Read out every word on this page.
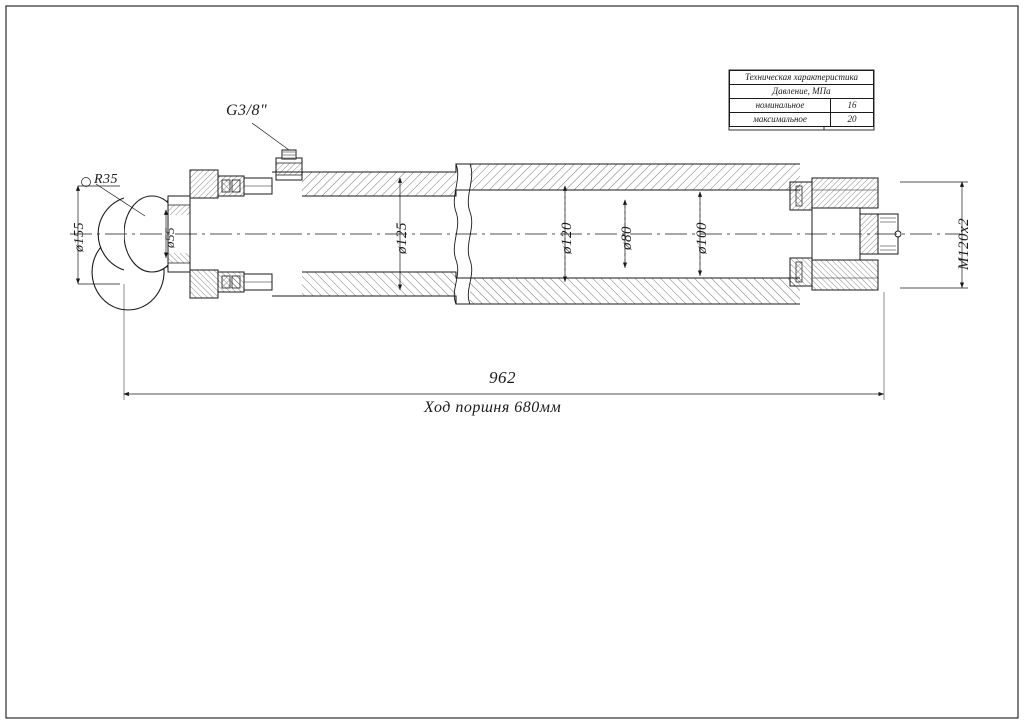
G3/8"
R35
ø155	ø55	ø125	ø120	ø80	ø100	M120x2
962
Ход поршня 680мм
Техническая характеристика	
Давление, МПа	
номинальное	16
максимальное	20
